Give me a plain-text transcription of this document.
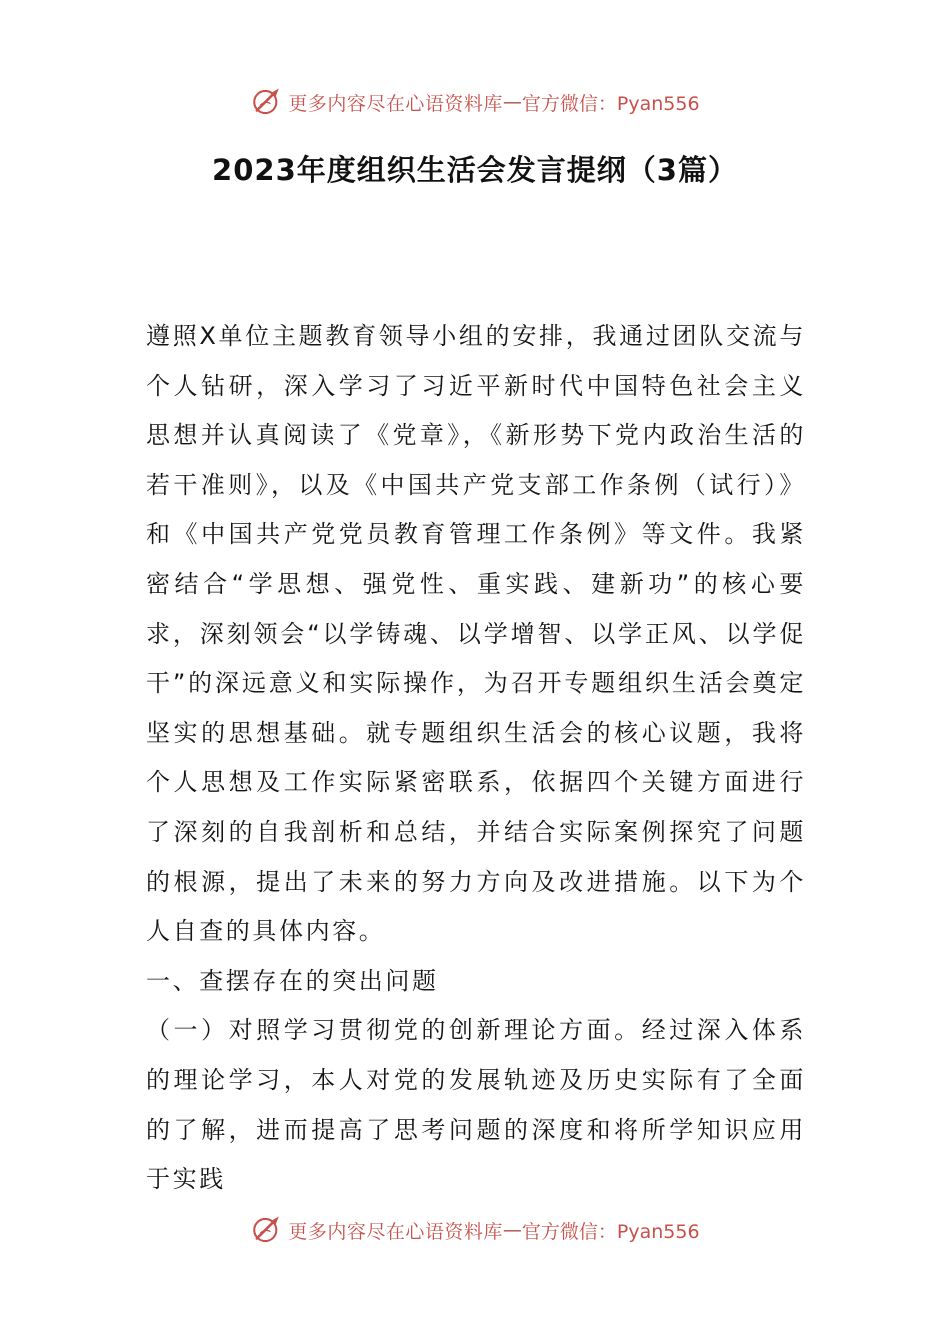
更多内容尽在心语资料库 — 官方微信：Pyan556
2023年度组织生活会发言提纲（3篇）

遵照X单位主题教育领导小组的安排，我通过团队交流与个人钻研，深入学习了习近平新时代中国特色社会主义思想并认真阅读了《党章》，《新形势下党内政治生活的若干准则》，以及《中国共产党支部工作条例（试行）》和《中国共产党党员教育管理工作条例》等文件。我紧密结合“学思想、强党性、重实践、建新功”的核心要求，深刻领会“以学铸魂、以学增智、以学正风、以学促干”的深远意义和实际操作，为召开专题组织生活会奠定坚实的思想基础。就专题组织生活会的核心议题，我将个人思想及工作实际紧密联系，依据四个关键方面进行了深刻的自我剖析和总结，并结合实际案例探究了问题的根源，提出了未来的努力方向及改进措施。以下为个人自查的具体内容。

一、查摆存在的突出问题

（一）对照学习贯彻党的创新理论方面。经过深入体系的理论学习，本人对党的发展轨迹及历史实际有了全面的了解，进而提高了思考问题的深度和将所学知识应用于实践

更多内容尽在心语资料库 — 官方微信：Pyan556
